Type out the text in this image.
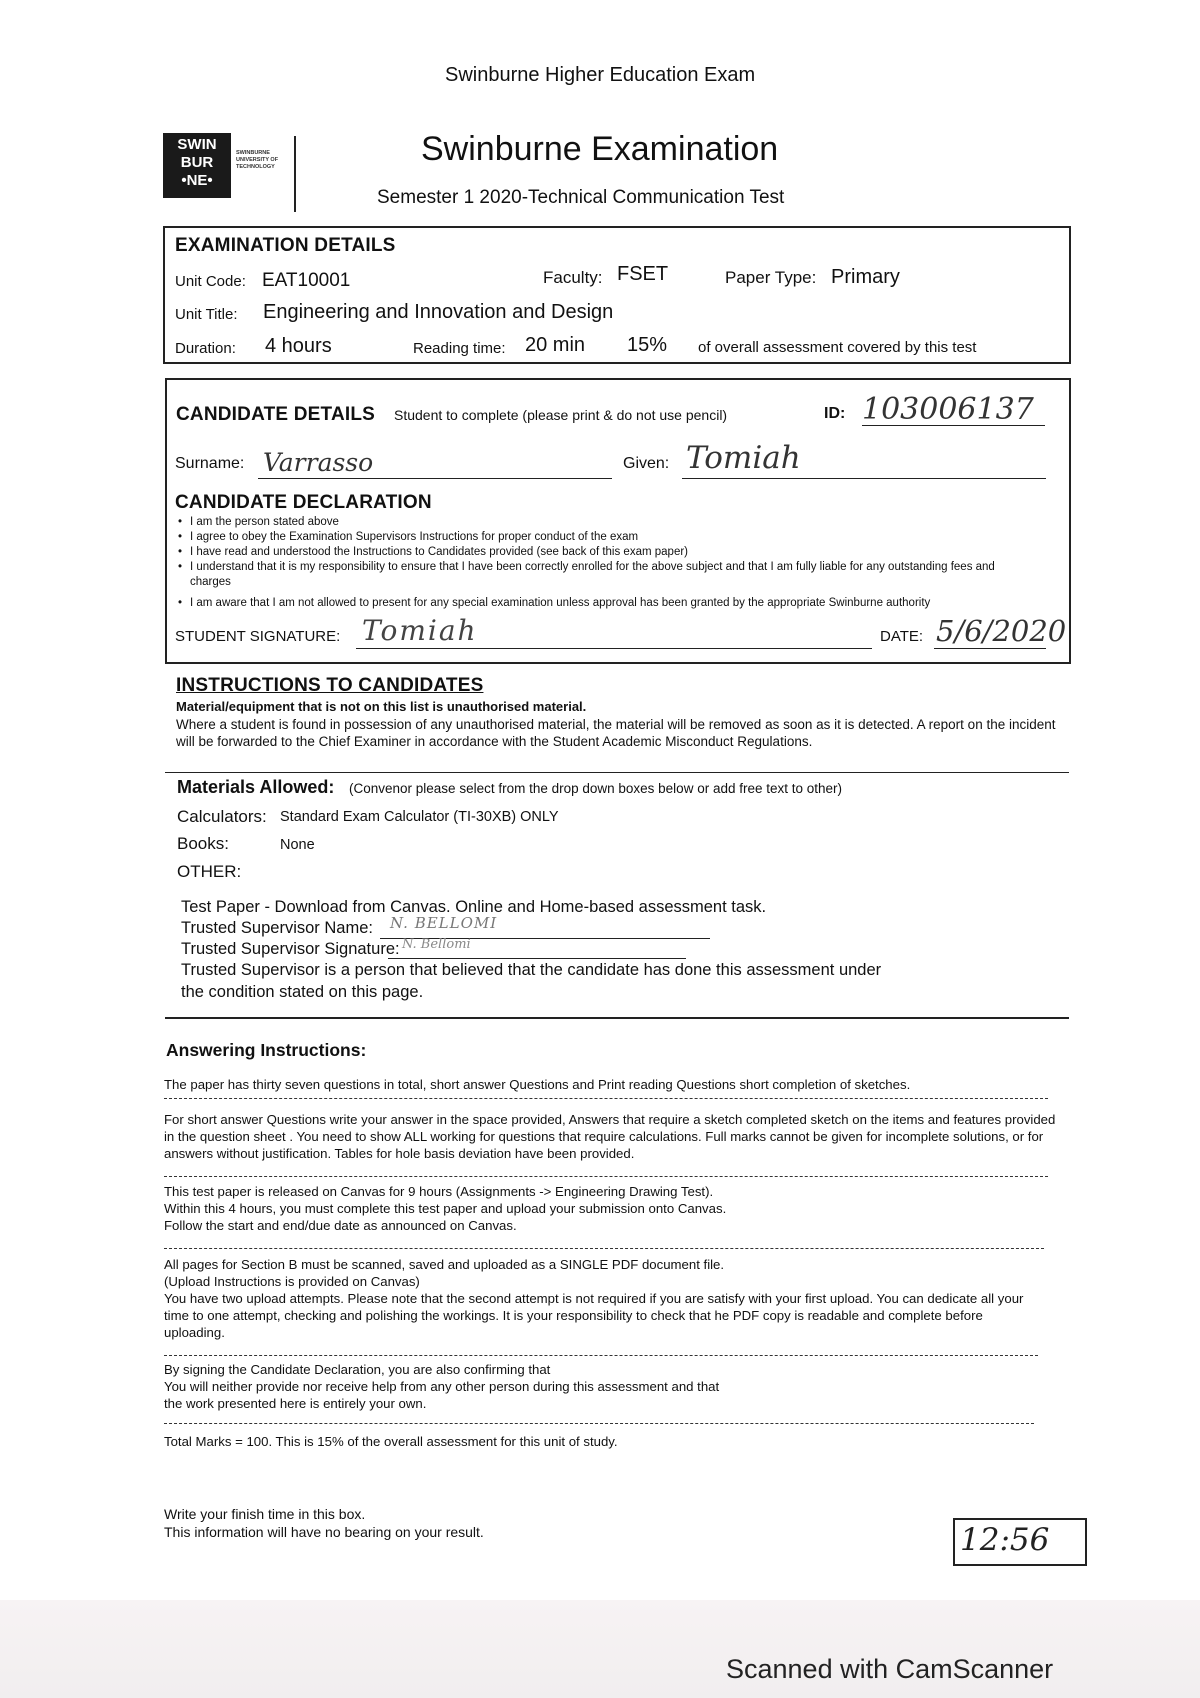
Swinburne Higher Education Exam
SWIN
BUR
•NE•
SWINBURNE UNIVERSITY OF TECHNOLOGY	Swinburne Examination
Semester 1 2020-Technical Communication Test
EXAMINATION DETAILS
Unit Code: EAT10001	Faculty: FSET	Paper Type: Primary
Unit Title: Engineering and Innovation and Design
Duration: 4 hours	Reading time: 20 min 15% of overall assessment covered by this test
CANDIDATE DETAILS Student to complete (please print & do not use pencil)	ID: 103006137
Surname: Varrasso	Given: Tomiah
CANDIDATE DECLARATION
• I am the person stated above
• I agree to obey the Examination Supervisors Instructions for proper conduct of the exam
• I have read and understood the Instructions to Candidates provided (see back of this exam paper)
• I understand that it is my responsibility to ensure that I have been correctly enrolled for the above subject and that I am fully liable for any outstanding fees and charges
• I am aware that I am not allowed to present for any special examination unless approval has been granted by the appropriate Swinburne authority
STUDENT SIGNATURE: Tomiah	DATE: 5/6/2020
INSTRUCTIONS TO CANDIDATES
Material/equipment that is not on this list is unauthorised material.
Where a student is found in possession of any unauthorised material, the material will be removed as soon as it is detected. A report on the incident will be forwarded to the Chief Examiner in accordance with the Student Academic Misconduct Regulations.
Materials Allowed: (Convenor please select from the drop down boxes below or add free text to other)
Calculators: Standard Exam Calculator (TI-30XB) ONLY
Books:	None
OTHER:
Test Paper - Download from Canvas. Online and Home-based assessment task.
Trusted Supervisor Name: N. BELLOMI
Trusted Supervisor Signature: N. Bellomi
Trusted Supervisor is a person that believed that the candidate has done this assessment under
the condition stated on this page.
Answering Instructions:
The paper has thirty seven questions in total, short answer Questions and Print reading Questions short completion of sketches.
For short answer Questions write your answer in the space provided, Answers that require a sketch completed sketch on the items and features provided in the question sheet . You need to show ALL working for questions that require calculations. Full marks cannot be given for incomplete solutions, or for answers without justification. Tables for hole basis deviation have been provided.
This test paper is released on Canvas for 9 hours (Assignments -> Engineering Drawing Test).
Within this 4 hours, you must complete this test paper and upload your submission onto Canvas.
Follow the start and end/due date as announced on Canvas.
All pages for Section B must be scanned, saved and uploaded as a SINGLE PDF document file.
(Upload Instructions is provided on Canvas)
You have two upload attempts. Please note that the second attempt is not required if you are satisfy with your first upload. You can dedicate all your time to one attempt, checking and polishing the workings. It is your responsibility to check that he PDF copy is readable and complete before uploading.
By signing the Candidate Declaration, you are also confirming that
You will neither provide nor receive help from any other person during this assessment and that
the work presented here is entirely your own.
Total Marks = 100. This is 15% of the overall assessment for this unit of study.
Write your finish time in this box.
This information will have no bearing on your result.	12:56
Scanned with CamScanner
